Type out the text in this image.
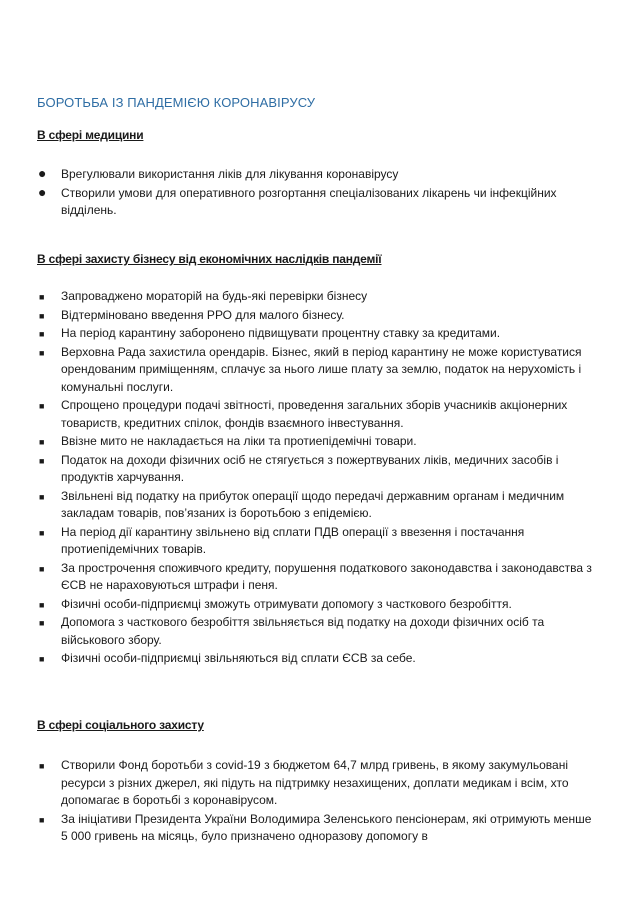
БОРОТЬБА ІЗ ПАНДЕМІЄЮ КОРОНАВІРУСУ
В сфері медицини
● Врегулювали використання ліків для лікування коронавірусу
● Створили умови для оперативного розгортання спеціалізованих лікарень чи інфекційних відділень.
В сфері захисту бізнесу від економічних наслідків пандемії
■ Запроваджено мораторій на будь-які перевірки бізнесу
■ Відтерміновано введення РРО для малого бізнесу.
■ На період карантину заборонено підвищувати процентну ставку за кредитами.
■ Верховна Рада захистила орендарів. Бізнес, який в період карантину не може користуватися орендованим приміщенням, сплачує за нього лише плату за землю, податок на нерухомість і комунальні послуги.
■ Спрощено процедури подачі звітності, проведення загальних зборів учасників акціонерних товариств, кредитних спілок, фондів взаємного інвестування.
■ Ввізне мито не накладається на ліки та протиепідемічні товари.
■ Податок на доходи фізичних осіб не стягується з пожертвуваних ліків, медичних засобів і продуктів харчування.
■ Звільнені від податку на прибуток операції щодо передачі державним органам і медичним закладам товарів, пов’язаних із боротьбою з епідемією.
■ На період дії карантину звільнено від сплати ПДВ операції з ввезення і постачання протиепідемічних товарів.
■ За прострочення споживчого кредиту, порушення податкового законодавства і законодавства з ЄСВ не нараховуються штрафи і пеня.
■ Фізичні особи-підприємці зможуть отримувати допомогу з часткового безробіття.
■ Допомога з часткового безробіття звільняється від податку на доходи фізичних осіб та військового збору.
■ Фізичні особи-підприємці звільняються від сплати ЄСВ за себе.
В сфері соціального захисту
■ Створили Фонд боротьби з covid-19 з бюджетом 64,7 млрд гривень, в якому закумульовані ресурси з різних джерел, які підуть на підтримку незахищених, доплати медикам і всім, хто допомагає в боротьбі з коронавірусом.
■ За ініціативи Президента України Володимира Зеленського пенсіонерам, які отримують менше 5 000 гривень на місяць, було призначено одноразову допомогу в
